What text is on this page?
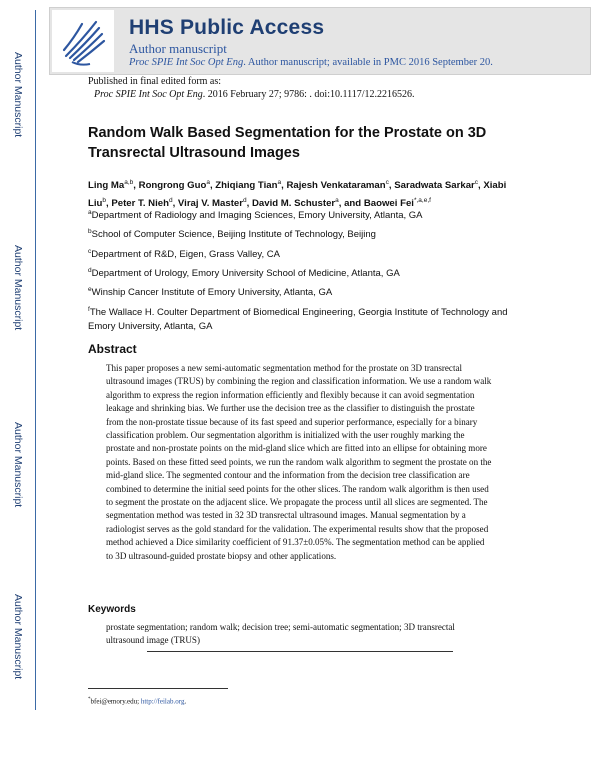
Author Manuscript
Author Manuscript
Author Manuscript
Author Manuscript
HHS Public Access
Author manuscript
Proc SPIE Int Soc Opt Eng. Author manuscript; available in PMC 2016 September 20.
Published in final edited form as:
Proc SPIE Int Soc Opt Eng. 2016 February 27; 9786: . doi:10.1117/12.2216526.
Random Walk Based Segmentation for the Prostate on 3D Transrectal Ultrasound Images
Ling Ma$^{a,b}$, Rongrong Guo$^a$, Zhiqiang Tian$^a$, Rajesh Venkataraman$^c$, Saradwata Sarkar$^c$, Xiabi Liu$^b$, Peter T. Nieh$^d$, Viraj V. Master$^d$, David M. Schuster$^a$, and Baowei Fei$^{*,a,e,f}$
$^a$Department of Radiology and Imaging Sciences, Emory University, Atlanta, GA
$^b$School of Computer Science, Beijing Institute of Technology, Beijing
$^c$Department of R&D, Eigen, Grass Valley, CA
$^d$Department of Urology, Emory University School of Medicine, Atlanta, GA
$^e$Winship Cancer Institute of Emory University, Atlanta, GA
$^f$The Wallace H. Coulter Department of Biomedical Engineering, Georgia Institute of Technology and Emory University, Atlanta, GA
Abstract
This paper proposes a new semi-automatic segmentation method for the prostate on 3D transrectal ultrasound images (TRUS) by combining the region and classification information. We use a random walk algorithm to express the region information efficiently and flexibly because it can avoid segmentation leakage and shrinking bias. We further use the decision tree as the classifier to distinguish the prostate from the non-prostate tissue because of its fast speed and superior performance, especially for a binary classification problem. Our segmentation algorithm is initialized with the user roughly marking the prostate and non-prostate points on the mid-gland slice which are fitted into an ellipse for obtaining more points. Based on these fitted seed points, we run the random walk algorithm to segment the prostate on the mid-gland slice. The segmented contour and the information from the decision tree classification are combined to determine the initial seed points for the other slices. The random walk algorithm is then used to segment the prostate on the adjacent slice. We propagate the process until all slices are segmented. The segmentation method was tested in 32 3D transrectal ultrasound images. Manual segmentation by a radiologist serves as the gold standard for the validation. The experimental results show that the proposed method achieved a Dice similarity coefficient of 91.37±0.05%. The segmentation method can be applied to 3D ultrasound-guided prostate biopsy and other applications.
Keywords
prostate segmentation; random walk; decision tree; semi-automatic segmentation; 3D transrectal ultrasound image (TRUS)
*bfei@emory.edu; http://feilab.org.
